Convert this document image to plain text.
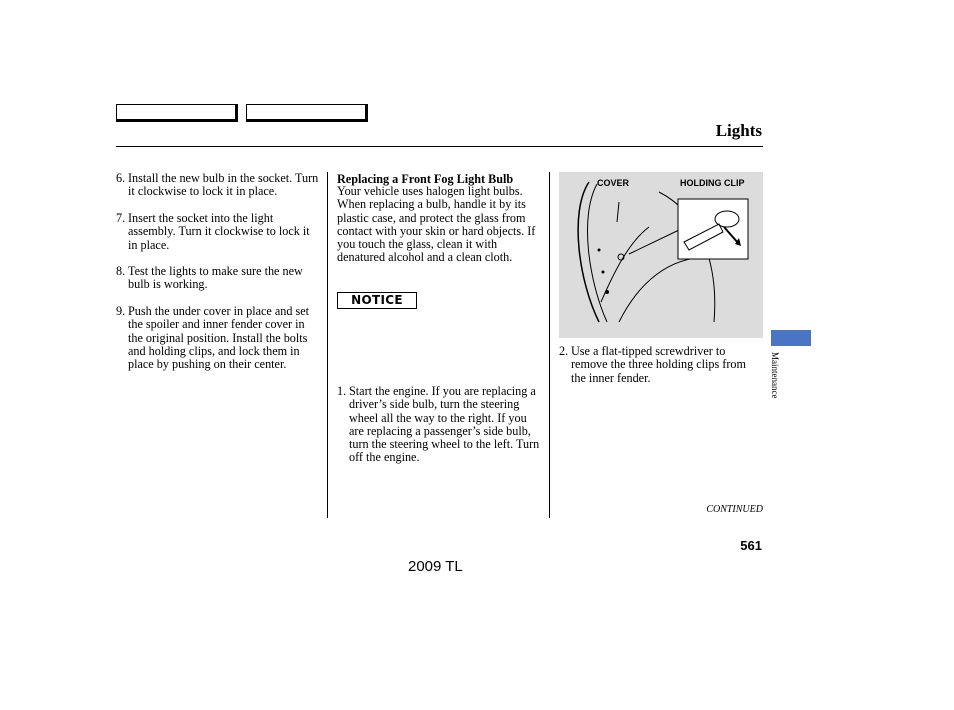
Lights
6. Install the new bulb in the socket. Turn it clockwise to lock it in place.
7. Insert the socket into the light assembly. Turn it clockwise to lock it in place.
8. Test the lights to make sure the new bulb is working.
9. Push the under cover in place and set the spoiler and inner fender cover in the original position. Install the bolts and holding clips, and lock them in place by pushing on their center.
Replacing a Front Fog Light Bulb
Your vehicle uses halogen light bulbs. When replacing a bulb, handle it by its plastic case, and protect the glass from contact with your skin or hard objects. If you touch the glass, clean it with denatured alcohol and a clean cloth.
NOTICE
1. Start the engine. If you are replacing a driver’s side bulb, turn the steering wheel all the way to the right. If you are replacing a passenger’s side bulb, turn the steering wheel to the left. Turn off the engine.
COVER	HOLDING CLIP
2. Use a flat-tipped screwdriver to remove the three holding clips from the inner fender.	Maintenance
CONTINUED
561
2009 TL
